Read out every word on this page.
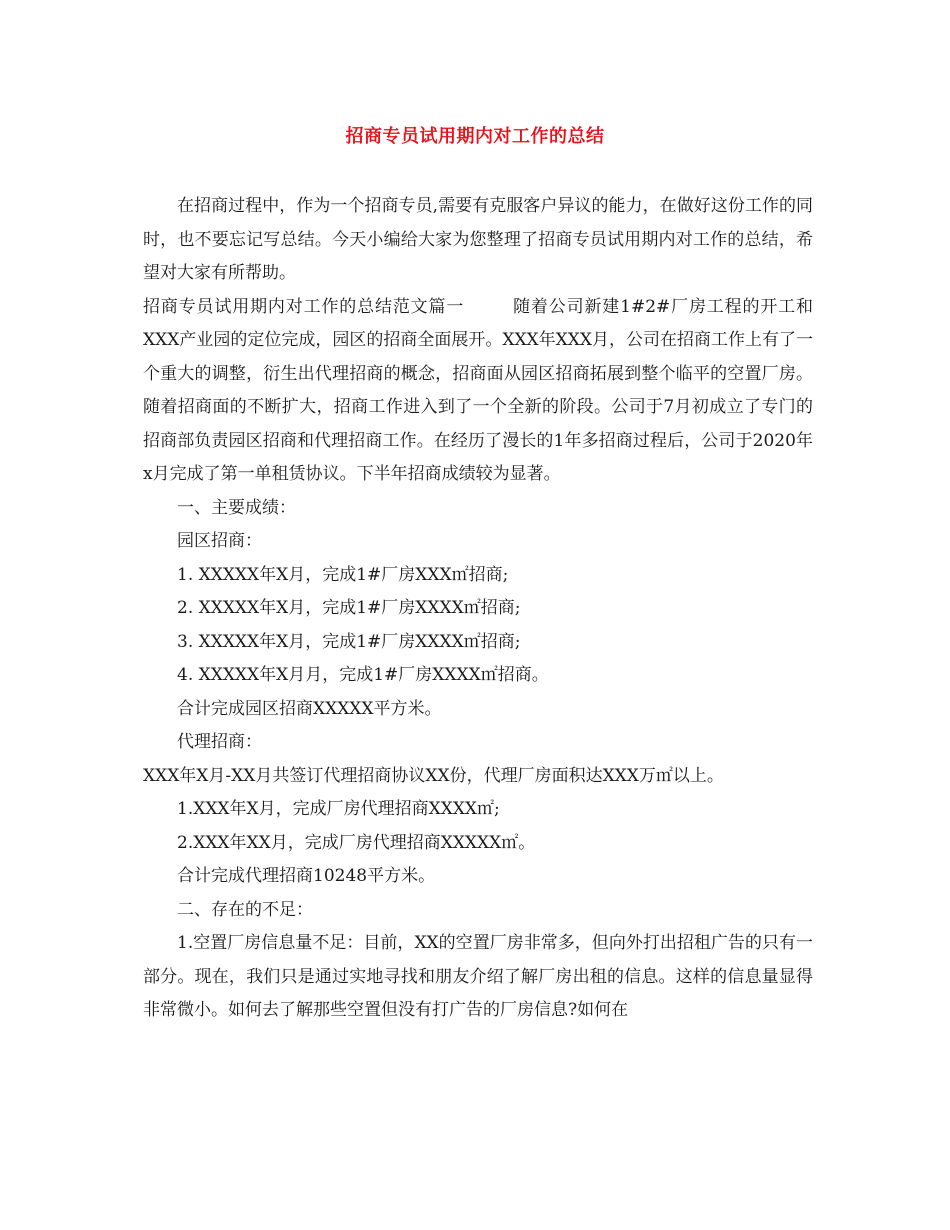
招商专员试用期内对工作的总结

在招商过程中，作为一个招商专员,需要有克服客户异议的能力，在做好这份工作的同时，也不要忘记写总结。今天小编给大家为您整理了招商专员试用期内对工作的总结，希望对大家有所帮助。

招商专员试用期内对工作的总结范文篇一	随着公司新建1#2#厂房工程的开工和XXX产业园的定位完成，园区的招商全面展开。XXX年XXX月，公司在招商工作上有了一个重大的调整，衍生出代理招商的概念，招商面从园区招商拓展到整个临平的空置厂房。随着招商面的不断扩大，招商工作进入到了一个全新的阶段。公司于7月初成立了专门的招商部负责园区招商和代理招商工作。在经历了漫长的1年多招商过程后，公司于2020年x月完成了第一单租赁协议。下半年招商成绩较为显著。

一、主要成绩：

园区招商：

1. XXXXX年X月，完成1#厂房XXX㎡招商;

2. XXXXX年X月，完成1#厂房XXXX㎡招商;

3. XXXXX年X月，完成1#厂房XXXX㎡招商;

4. XXXXX年X月月，完成1#厂房XXXX㎡招商。

合计完成园区招商XXXXX平方米。

代理招商：

XXX年X月-XX月共签订代理招商协议XX份，代理厂房面积达XXX万㎡以上。

1.XXX年X月，完成厂房代理招商XXXX㎡;

2.XXX年XX月，完成厂房代理招商XXXXX㎡。

合计完成代理招商10248平方米。

二、存在的不足：

1.空置厂房信息量不足：目前，XX的空置厂房非常多，但向外打出招租广告的只有一部分。现在，我们只是通过实地寻找和朋友介绍了解厂房出租的信息。这样的信息量显得非常微小。如何去了解那些空置但没有打广告的厂房信息?如何在
